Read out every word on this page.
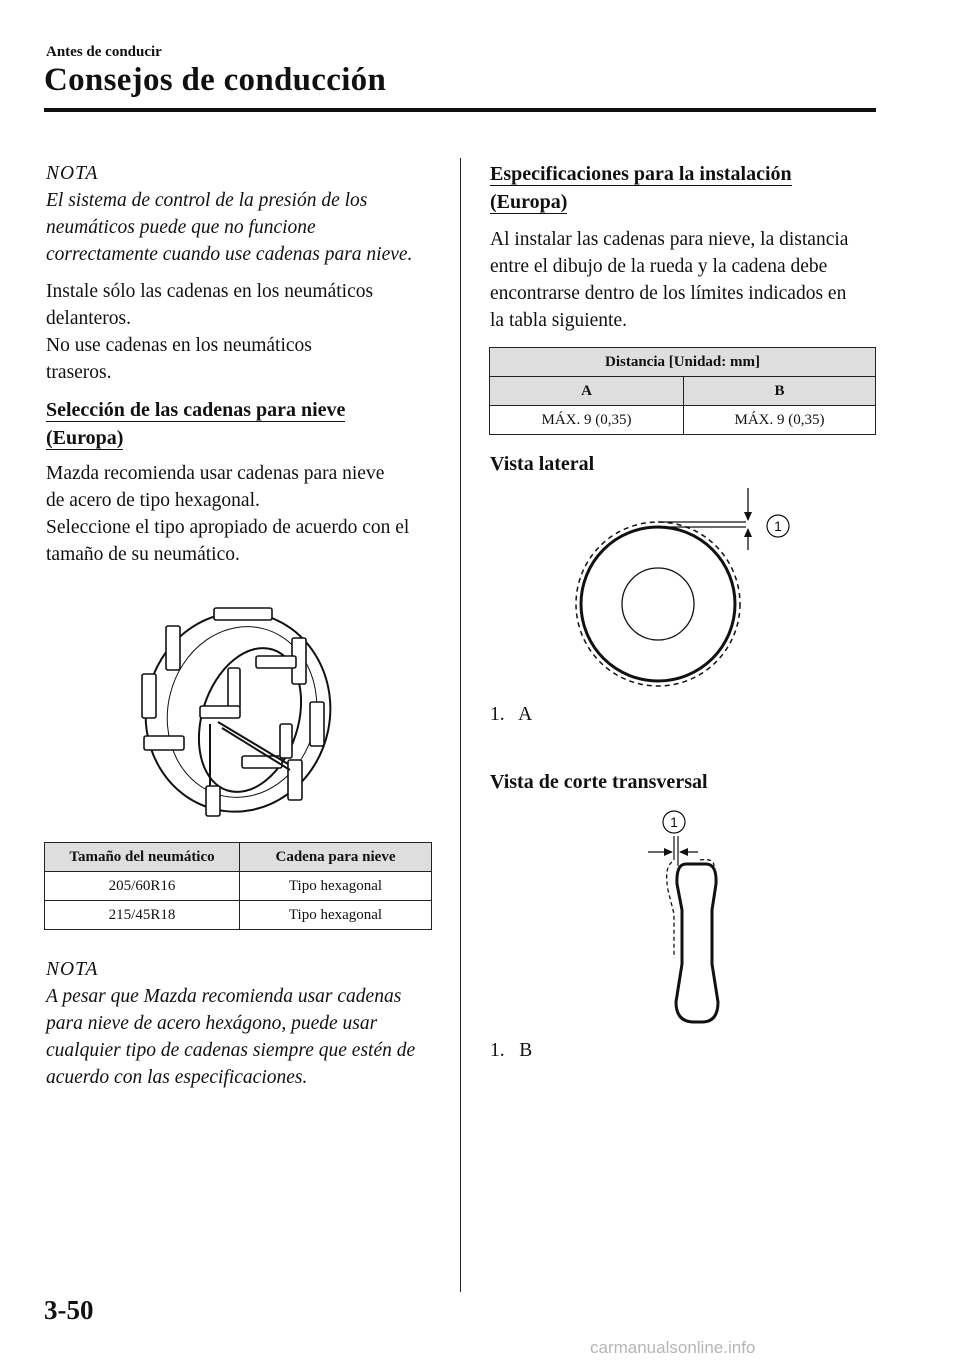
Antes de conducir
Consejos de conducción

NOTA

El sistema de control de la presión de los neumáticos puede que no funcione correctamente cuando use cadenas para nieve.

Instale sólo las cadenas en los neumáticos delanteros.

No use cadenas en los neumáticos traseros.

Selección de las cadenas para nieve (Europa)

Mazda recomienda usar cadenas para nieve de acero de tipo hexagonal.

Seleccione el tipo apropiado de acuerdo con el tamaño de su neumático.

Tamaño del neumático	Cadena para nieve
205/60R16	Tipo hexagonal
215/45R18	Tipo hexagonal

NOTA

A pesar que Mazda recomienda usar cadenas para nieve de acero hexágono, puede usar cualquier tipo de cadenas siempre que estén de acuerdo con las especificaciones.

Especificaciones para la instalación (Europa)

Al instalar las cadenas para nieve, la distancia entre el dibujo de la rueda y la cadena debe encontrarse dentro de los límites indicados en la tabla siguiente.

Distancia [Unidad: mm]	
A	B
MÁX. 9 (0,35)	MÁX. 9 (0,35)
Vista lateral
1
1.   A
Vista de corte transversal
1
1.   B
3-50
carmanualsonline.info
